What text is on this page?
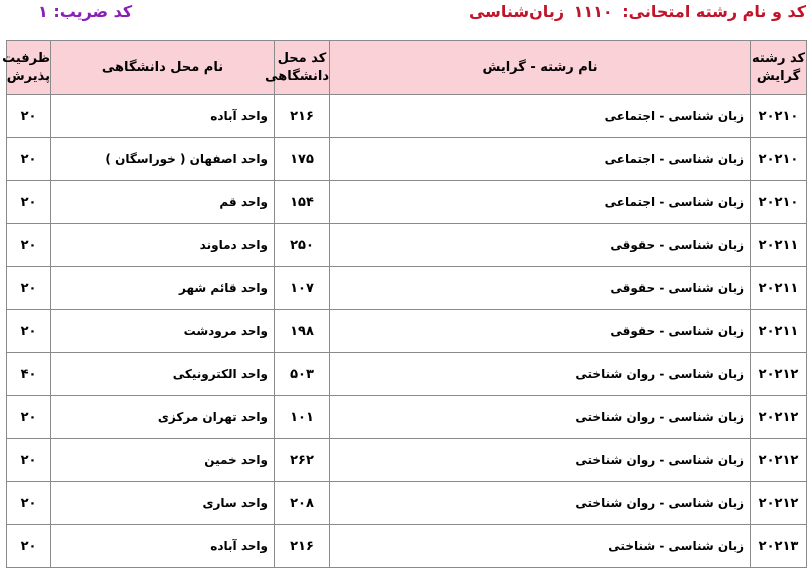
کد و نام رشته امتحانی: ۱۱۱۰ زبان‌شناسی
کد ضریب: ۱
کد رشته گرایش	نام رشته - گرایش	کد محل دانشگاهی	نام محل دانشگاهی	ظرفیت پذیرش
۲۰۲۱۰	زبان شناسی - اجتماعی	۲۱۶	واحد آباده	۲۰
۲۰۲۱۰	زبان شناسی - اجتماعی	۱۷۵	واحد اصفهان ( خوراسگان )	۲۰
۲۰۲۱۰	زبان شناسی - اجتماعی	۱۵۴	واحد قم	۲۰
۲۰۲۱۱	زبان شناسی - حقوقی	۲۵۰	واحد دماوند	۲۰
۲۰۲۱۱	زبان شناسی - حقوقی	۱۰۷	واحد قائم شهر	۲۰
۲۰۲۱۱	زبان شناسی - حقوقی	۱۹۸	واحد مرودشت	۲۰
۲۰۲۱۲	زبان شناسی - روان شناختی	۵۰۳	واحد الکترونیکی	۴۰
۲۰۲۱۲	زبان شناسی - روان شناختی	۱۰۱	واحد تهران مرکزی	۲۰
۲۰۲۱۲	زبان شناسی - روان شناختی	۲۶۲	واحد خمین	۲۰
۲۰۲۱۲	زبان شناسی - روان شناختی	۲۰۸	واحد ساری	۲۰
۲۰۲۱۳	زبان شناسی - شناختی	۲۱۶	واحد آباده	۲۰
